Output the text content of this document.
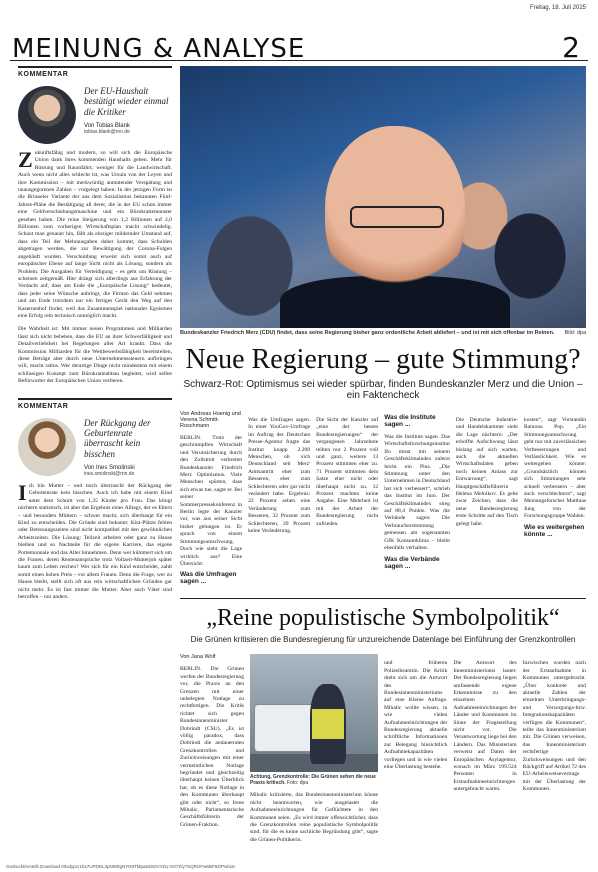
Freitag, 18. Juli 2025
MEINUNG & ANALYSE	2
KOMMENTAR
Der EU-Haushalt bestätigt wieder einmal die Kritiker
Von Tobias Blank
tobias.blank@rnn.de
Zukunftsfähig und modern, so will sich die Europäische Union dank ihres kommenden Haushalts geben. Mehr für Rüstung und Raumfahrt, weniger für die Landwirtschaft. Auch wenn nicht alles schlecht ist, was Ursula von der Leyen und ihre Kommission – mit merkwürdig anmutender Verspätung und unausgegorenen Zahlen – vorgelegt haben: In der jetzigen Form ist die Brüsseler Variante der aus dem Sozialismus bekannten Fünf-Jahres-Pläne die Bestätigung all derer, die in der EU schon immer eine Geldverschiebungsmaschine und ein Bürokratiemonster gesehen haben. Die reine Steigerung von 1,2 Billionen auf 2,0 Billionen zum vorherigen Wirtschaftsplan macht schwindelig. Schaut man genauer hin, fällt als einziger mildernder Umstand auf, dass ein Teil der Mehrausgaben daher kommt, dass Schulden abgetragen werden, die zur Bewältigung der Corona-Folgen angehäuft wurden. Verschuldung erweist sich somit auch auf europäischer Ebene auf lange Sicht nicht als Lösung, sondern als Problem. Die Ausgaben für Verteidigung – es geht um Rüstung – scheinen zeitgemäß. Hier drängt sich allerdings aus Erfahrung der Verdacht auf, dass am Ende die „Europäische Lösung“ bedeutet, dass jeder seine Wünsche anbringt, die Firmen das Geld nehmen und am Ende trotzdem nur ein fertiges Gerät den Weg auf den Kasernenhof findet, weil das Zusammenspiel nationaler Egoismen eine Erfolg rein technisch unmöglich macht.
Die Wahrheit ist: Mit immer neuen Programmen und Milliarden lässt sich nicht beheben, dass die EU an ihrer Schwerfälligkeit und Detailverliebtheit bei Regelungen aller Art krankt. Dass die Kommission Milliarden für die Wettbewerbsfähigkeit bereitstellen, diese Beträge aber durch neue Unternehmenssteuern aufbringen will, macht ratlos. Wer derartige Dinge nicht mindestens mit einem schlüssigen Konzept zum Bürokratieabbau begleitet, wird selbst Befürworter der Europäischen Union verlieren.
KOMMENTAR
Der Rückgang der Geburtenrate überrascht kein bisschen
Von Ines Smolinski
ines.smolinski@rnn.de
Ich bin Mutter – und mich überrascht der Rückgang der Geburtenrate kein bisschen. Auch ich habe mit einem Kind unter dem Schnitt von 1,35 Kinder pro Frau. Das klingt nüchtern statistisch, ist aber das Ergebnis eines Alltags, der es Eltern – und besonders Müttern – schwer macht, sich überhaupt für ein Kind zu entscheiden. Die Gründe sind bekannt: Kita-Plätze fehlen oder Betreuungszeiten sind nicht kompatibel mit den gewöhnlichen Arbeitszeiten. Die Lösung: Teilzeit arbeiten oder ganz zu Hause bleiben und so Nachteile für die eigene Karriere, das eigene Portemonnaie und das Alter hinnehmen. Denn wer kümmert sich um die Frauen, deren Rentenansprüche trotz Vollzeit-Mutterjob später kaum zum Leben reichen? Wer sich für ein Kind entscheidet, zahlt somit einen hohen Preis – vor allem Frauen. Denn die Frage, wer zu Hause bleibt, stellt sich oft aus rein wirtschaftlichen Gründen gar nicht mehr. Es ist fast immer die Mutter. Aber auch Väter sind betroffen – nur anders.
Bundeskanzler Friedrich Merz (CDU) findet, dass seine Regierung bisher ganz ordentliche Arbeit abliefert – und ist mit sich offenbar im Reinen. Bild: dpa
Neue Regierung – gute Stimmung?
Schwarz-Rot: Optimismus sei wieder spürbar, finden Bundeskanzler Merz und die Union – ein Faktencheck
Von Andreas Hoenig und Verena Schmitt-Roschmann
BERLIN. Trotz der geschrumpften Wirtschaft und Verunsicherung durch den Zollstreit verbreitet Bundeskanzler Friedrich Merz Optimismus. Viele Menschen spürten, dass sich etwas tue, sagte er. Bei seiner Sommerpressekonferenz in Berlin legte der Kanzler vor, was aus seiner Sicht bisher gelungen ist. Er sprach von einem Stimmungsumschwung. Doch wie sieht die Lage wirklich aus? Eine Übersicht:
Was die Umfragen sagen ...
Was die Umfragen sagen. In einer YouGov-Umfrage im Auftrag der Deutschen Presse-Agentur fragte das Institut knapp 2.200 Menschen, ob sich Deutschland seit Merz' Amtsantritt eher zum Besseren, eher zum Schlechteren oder gar nicht verändert habe. Ergebnis: 22 Prozent sehen eine Veränderung zum Besseren, 32 Prozent zum Schlechteren, 39 Prozent keine Veränderung.
Die Sicht der Kanzler auf „eine der besten Bundesregierungen“ der vergangenen Jahrzehnte teilten nur 2 Prozent voll und ganz, weitere 13 Prozent stimmten eher zu. 71 Prozent stimmten dem Satze eher nicht oder überhaupt nicht zu. 12 Prozent machten keine Angabe. Eine Mehrheit ist mit der Arbeit der Bundesregierung nicht zufrieden.
Was die Institute sagen ...
Was die Institute sagen. Das Wirtschaftsforschungsinstitut Ifo misst mit seinem Geschäftsklimaindex zuletzt leicht ein Plus. „Die Stimmung unter den Unternehmen in Deutschland hat sich verbessert“, schrieb das Institut im Juni. Der Geschäftsklimaindex stieg auf 88,4 Punkte. Was die Verbände sagen: Die Verbraucherstimmung gemessen am sogenannten GfK Konsumklima – bleibt ebenfalls verhalten.
Was die Verbände sagen ...
Die Deutsche Industrie- und Handelskammer sieht die Lage nüchtern: „Der erhoffte Aufschwung lässt bislang auf sich warten, auch die aktuellen Wirtschaftsdaten geben noch keinen Anlass zur Entwarnung“, sagt Hauptgeschäftsführerin Helena Melnikov. Es gebe zwar Zeichen, dass die neue Bundesregierung erste Schritte auf den Tisch gelegt habe.
kosten“, sagt Vorstandin Ramona Pop. „Ein Stimmungsumschwung geht nur mit zuverlässichen Verbesserungen und Verlässlichkeit. Wie es weitergehen könnte: „Grundsätzlich können sich Stimmungen sehr schnell verbessern – aber auch verschlechtern“, sagt Meinungsforscher Matthias Jung von der Forschungsgruppe Wahlen.
Wie es weitergehen könnte ...
„Reine populistische Symbolpolitik“
Die Grünen kritisieren die Bundesregierung für unzureichende Datenlage bei Einführung der Grenzkontrollen
Von Jana Wolf
BERLIN. Die Grünen werfen der Bundesregierung vor, die Praxis an den Grenzen mit einer unbelegten Notlage zu rechtfertigen. Die Kritik richtet sich gegen Bundesinnenminister Dobrindt (CSU). „Es ist völlig paradox, dass Dobrindt die andauernden Grenzkontrollen und Zurückweisungen mit einer vermeintlichen Notlage begründet und gleichzeitig überhaupt keinen Überblick hat, ob es diese Notlage in den Kommunen überhaupt gibt oder nicht“, so Irene Mihalic, Parlamentarische Geschäftsführerin der Grünen-Fraktion.
Achtung, Grenzkontrolle: Die Grünen sehen die neue Praxis kritisch. Foto: dpa
Mihalic kritisierte, das Bundesinnenministerium könne nicht beantworten, wie ausgelastet die Aufnahmeeinrichtungen für Geflüchtete in den Kommunen seien. „Es wird immer offensichtlicher, dass die Grenzkontrollen reine populistische Symbolpolitik sind, für die es keine sachliche Begründung gibt“, sagte die Grünen-Politikerin.
und früheren Polizeibeamtin. Die Kritik dreht sich um die Antwort des Bundesinnenministeriums auf eine Kleine Anfrage. Mihalic wollte wissen, in wie vielen Aufnahmeeinrichtungen der Bundesregierung aktuelle schriftliche Informationen zur Belegung hinsichtlich Aufnahmekapazitäten vorliegen und in wie vielen eine Überlastung bestehe.
Die Antwort des Innenministeriums lautet: Der Bundesregierung liegen umfassende eigene Erkenntnisse zu den einzelnen Aufnahmeeinrichtungen der Länder und Kommunen im Sinne der Fragestellung nicht vor. Die Verantwortung liege bei den Ländern. Das Ministerium verweist auf Daten der Europäischen Asylagentur, wonach im März 199.524 Personen in Erstaufnahmeeinrichtungen untergebracht waren.
Inzwischen wurden nach der Erstaufnahme in Kommunen untergebracht. „Über konkrete und aktuelle Zahlen der einzelnen Unterbringungs- und Versorgungs-bzw. Integrationskapazitäten verfügen die Kommunen“, teilte das Innenministerium mit. Die Grünen verweisen, das Innenministerium rechtfertige Zurückweisungen und den Rückgriff auf Artikel 72 des EU-Arbeitsweisevertrags mit der Überlastung der Kommunen.
Gedruckt/erstellt Download 00xdypcr1bx7UPDDL3pNtWtgNYtNtTMpa6dSDVVDy-G07Z/y7SQRGFw6BF9Z/Pwhi2c
